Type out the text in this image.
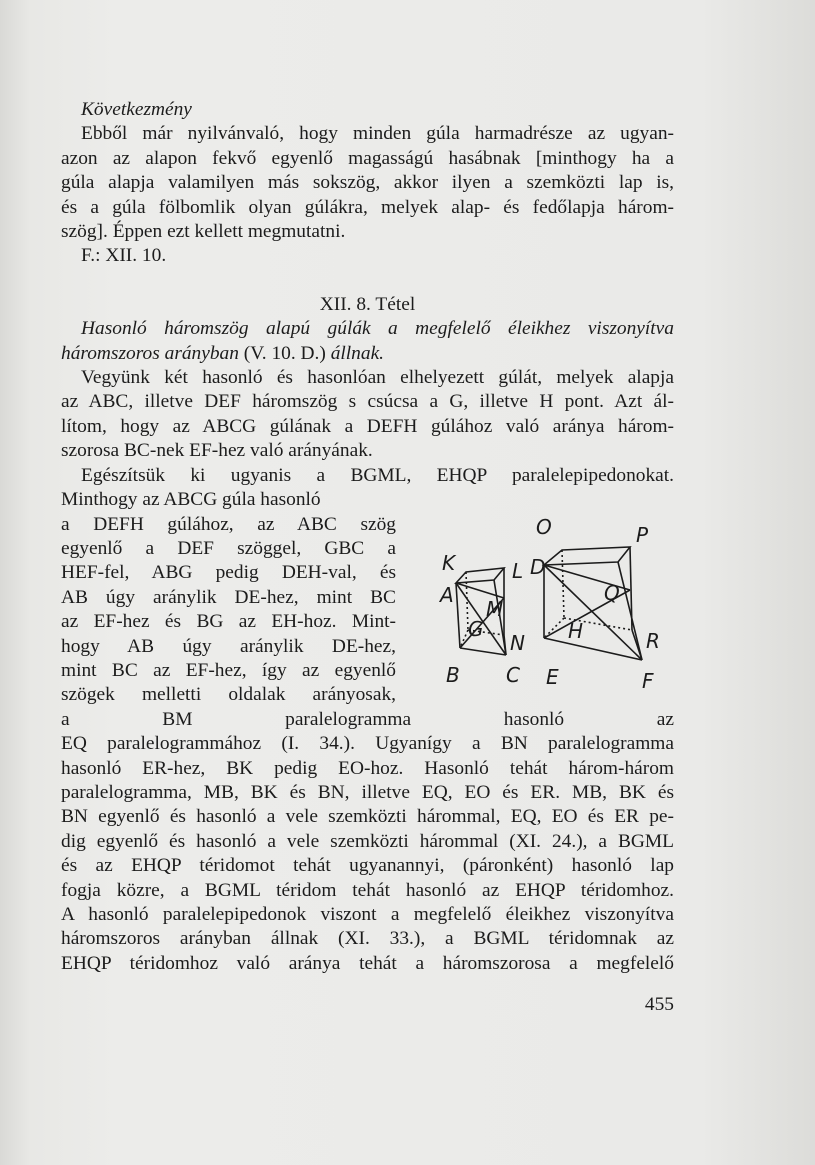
Következmény

Ebből már nyilvánvaló, hogy minden gúla harmadrésze az ugyan-
azon az alapon fekvő egyenlő magasságú hasábnak [minthogy ha a
gúla alapja valamilyen más sokszög, akkor ilyen a szemközti lap is,
és a gúla fölbomlik olyan gúlákra, melyek alap- és fedőlapja három-
szög]. Éppen ezt kellett megmutatni.

F.: XII. 10.

XII. 8. Tétel

Hasonló háromszög alapú gúlák a megfelelő éleikhez viszonyítva
háromszoros arányban (V. 10. D.) állnak.

Vegyünk két hasonló és hasonlóan elhelyezett gúlát, melyek alapja
az ABC, illetve DEF háromszög s csúcsa a G, illetve H pont. Azt ál-
lítom, hogy az ABCG gúlának a DEFH gúlához való aránya három-
szorosa BC-nek EF-hez való arányának.

Egészítsük ki ugyanis a BGML, EHQP paralelepipedonokat.

O	P
K	L D
Q
A
M
G
N H	R
B C E	F
Minthogy az ABCG gúla hasonló
a DEFH gúlához, az ABC szög
egyenlő a DEF szöggel, GBC a
HEF-fel, ABG pedig DEH-val, és
AB úgy aránylik DE-hez, mint BC
az EF-hez és BG az EH-hoz. Mint-
hogy AB úgy aránylik DE-hez,
mint BC az EF-hez, így az egyenlő
szögek melletti oldalak arányosak,
a BM paralelogramma hasonló az
EQ paralelogrammához (I. 34.). Ugyanígy a BN paralelogramma
hasonló ER-hez, BK pedig EO-hoz. Hasonló tehát három-három
paralelogramma, MB, BK és BN, illetve EQ, EO és ER. MB, BK és
BN egyenlő és hasonló a vele szemközti hárommal, EQ, EO és ER pe-
dig egyenlő és hasonló a vele szemközti hárommal (XI. 24.), a BGML
és az EHQP téridomot tehát ugyanannyi, (páronként) hasonló lap
fogja közre, a BGML téridom tehát hasonló az EHQP téridomhoz.
A hasonló paralelepipedonok viszont a megfelelő éleikhez viszonyítva
háromszoros arányban állnak (XI. 33.), a BGML téridomnak az
EHQP téridomhoz való aránya tehát a háromszorosa a megfelelő

455
